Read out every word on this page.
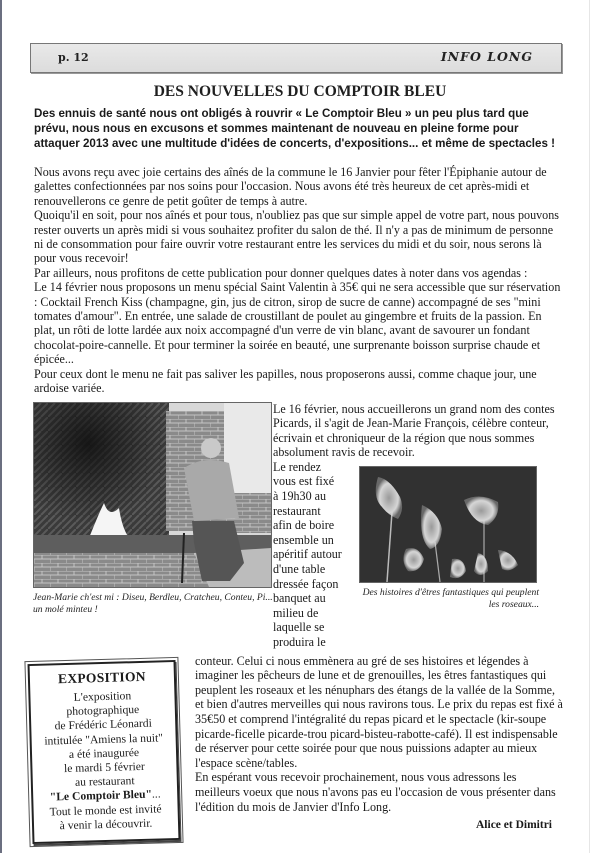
p. 12	INFO LONG
DES NOUVELLES DU COMPTOIR BLEU
Des ennuis de santé nous ont obligés à rouvrir « Le Comptoir Bleu » un peu plus tard que prévu, nous nous en excusons et sommes maintenant de nouveau en pleine forme pour attaquer 2013 avec une multitude d'idées de concerts, d'expositions... et même de spectacles !

Nous avons reçu avec joie certains des aînés de la commune le 16 Janvier pour fêter l'Épiphanie autour de galettes confectionnées par nos soins pour l'occasion. Nous avons été très heureux de cet après-midi et renouvellerons ce genre de petit goûter de temps à autre.

Quoiqu'il en soit, pour nos aînés et pour tous, n'oubliez pas que sur simple appel de votre part, nous pouvons rester ouverts un après midi si vous souhaitez profiter du salon de thé. Il n'y a pas de minimum de personne ni de consommation pour faire ouvrir votre restaurant entre les services du midi et du soir, nous serons là pour vous recevoir!

Par ailleurs, nous profitons de cette publication pour donner quelques dates à noter dans vos agendas :

Le 14 février nous proposons un menu spécial Saint Valentin à 35€ qui ne sera accessible que sur réservation : Cocktail French Kiss (champagne, gin, jus de citron, sirop de sucre de canne) accompagné de ses "mini tomates d'amour". En entrée, une salade de croustillant de poulet au gingembre et fruits de la passion. En plat, un rôti de lotte lardée aux noix accompagné d'un verre de vin blanc, avant de savourer un fondant chocolat-poire-cannelle. Et pour terminer la soirée en beauté, une surprenante boisson surprise chaude et épicée...

Pour ceux dont le menu ne fait pas saliver les papilles, nous proposerons aussi, comme chaque jour, une ardoise variée.

Jean-Marie ch'est mi : Diseu, Berdleu, Cratcheu, Conteu, Pi... un molé minteu !
Le 16 février, nous accueillerons un grand nom des contes Picards, il s'agit de Jean-Marie François, célèbre conteur, écrivain et chroniqueur de la région que nous sommes absolument ravis de recevoir.
Le rendez
vous est fixé
à 19h30 au
restaurant
afin de boire
ensemble un
apéritif autour
d'une table
dressée façon
banquet au
milieu de
laquelle se
produira le
Des histoires d'êtres fantastiques qui peuplent les roseaux...
EXPOSITION
L'exposition
photographique
de Frédéric Léonardi
intitulée "Amiens la nuit"
a été inaugurée
le mardi 5 février
au restaurant
"Le Comptoir Bleu"...
Tout le monde est invité
à venir la découvrir.

conteur. Celui ci nous emmènera au gré de ses histoires et légendes à imaginer les pêcheurs de lune et de grenouilles, les êtres fantastiques qui peuplent les roseaux et les nénuphars des étangs de la vallée de la Somme, et bien d'autres merveilles qui nous ravirons tous. Le prix du repas est fixé à 35€50 et comprend l'intégralité du repas picard et le spectacle (kir-soupe picarde-ficelle picarde-trou picard-bisteu-rabotte-café). Il est indispensable de réserver pour cette soirée pour que nous puissions adapter au mieux l'espace scène/tables.

En espérant vous recevoir prochainement, nous vous adressons les meilleurs voeux que nous n'avons pas eu l'occasion de vous présenter dans l'édition du mois de Janvier d'Info Long.

Alice et Dimitri
